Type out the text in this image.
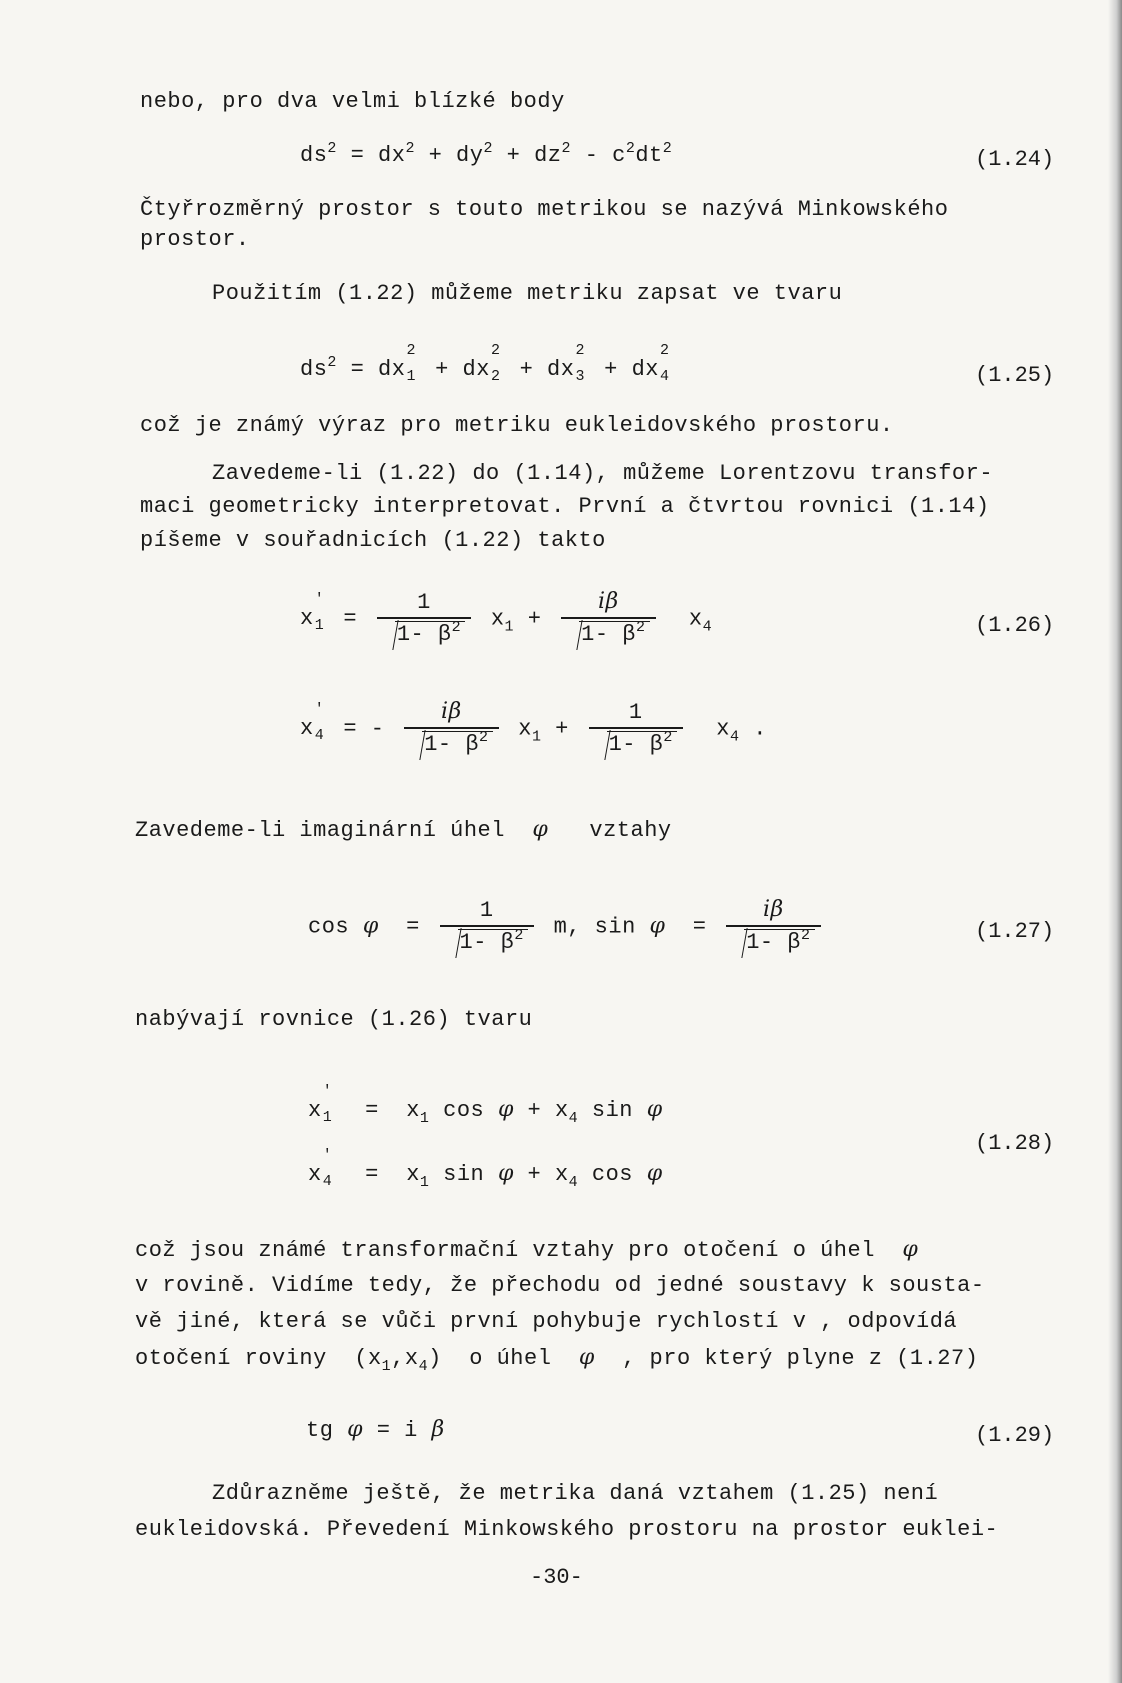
nebo, pro dva velmi blízké body
$ds^2 = dx^2 + dy^2 + dz^2 - c^2dt^2$	(1.24)
Čtyřrozměrný prostor s touto metrikou se nazývá Minkowského
prostor.
Použitím (1.22) můžeme metriku zapsat ve tvaru
$ds^2$ = dx
2
1 + dx
2
2 + dx
2
3 + dx
2
4	(1.25)
což je známý výraz pro metriku eukleidovského prostoru.
Zavedeme-li (1.22) do (1.14), můžeme Lorentzovu transfor-
maci geometricky interpretovat. První a čtvrtou rovnici (1.14)
píšeme v souřadnicích (1.22) takto
x
′
$1 = \frac{1}{1- \beta^2} x_1 + \frac{i\beta}{1- \beta^2} x_4$	(1.26)
x
′
4 = - $\frac{i\beta}{1- \beta^2} x_1 + \frac{1}{1- \beta^2} x_4$ .
Zavedeme-li imaginární úhel φ vztahy
$\cos \varphi = \frac{1}{1- \beta^2} m$, $\sin \varphi = \frac{i\beta}{1- \beta^2}$	(1.27)
nabývají rovnice (1.26) tvaru
x
′
$1 = x_1$ $\cos \varphi + x_4$ sin φ
x
′
$4 = x_1$ $\sin \varphi + x_4$ cos φ
(1.28)
což jsou známé transformační vztahy pro otočení o úhel φ
v rovině. Vidíme tedy, že přechodu od jedné soustavy k sousta-
vě jiné, která se vůči první pohybuje rychlostí v , odpovídá
otočení roviny $(x_1,x_4)$  o úhel φ , pro který plyne z (1.27)
tg φ = i β	(1.29)
Zdůrazněme ještě, že metrika daná vztahem (1.25) není
eukleidovská. Převedení Minkowského prostoru na prostor euklei-
-30-
